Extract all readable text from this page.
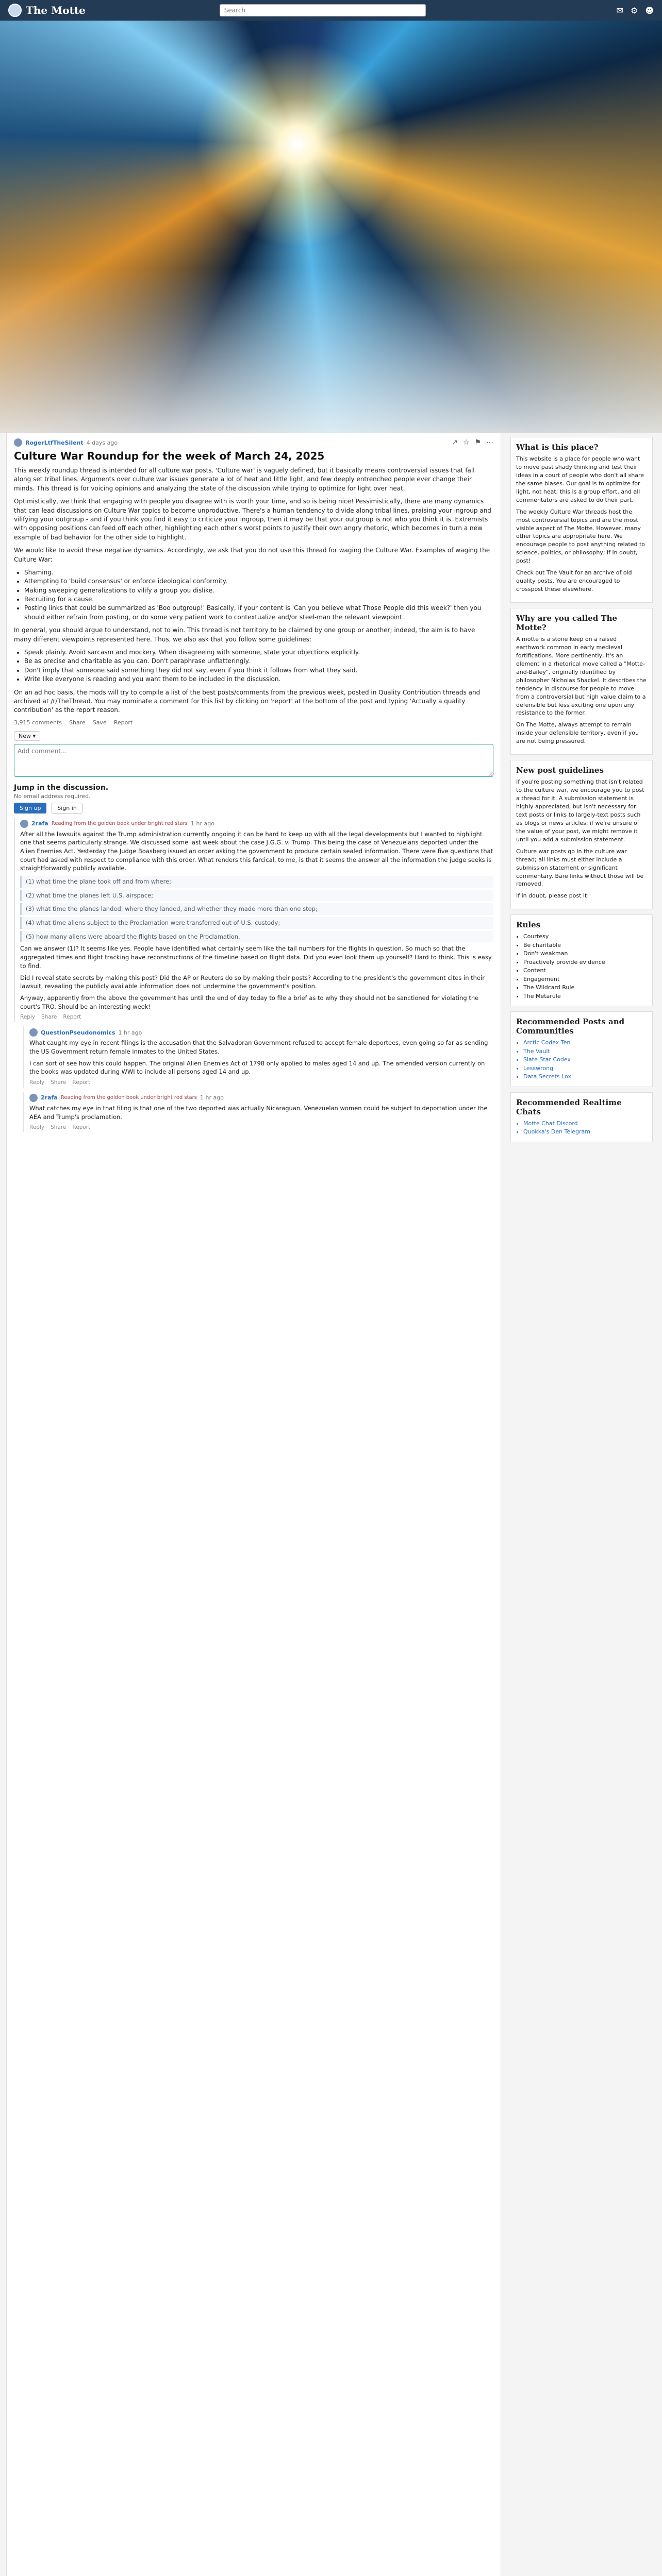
The Motte
Search	✉ ⚙ ☻
↗ ☆ ⚑ ⋯
RogerLtfTheSilent 4 days ago
Culture War Roundup for the week of March 24, 2025

This weekly roundup thread is intended for all culture war posts. 'Culture war' is vaguely defined, but it basically means controversial issues that fall along set tribal lines. Arguments over culture war issues generate a lot of heat and little light, and few deeply entrenched people ever change their minds. This thread is for voicing opinions and analyzing the state of the discussion while trying to optimize for light over heat.

Optimistically, we think that engaging with people you disagree with is worth your time, and so is being nice! Pessimistically, there are many dynamics that can lead discussions on Culture War topics to become unproductive. There's a human tendency to divide along tribal lines, praising your ingroup and vilifying your outgroup - and if you think you find it easy to criticize your ingroup, then it may be that your outgroup is not who you think it is. Extremists with opposing positions can feed off each other, highlighting each other's worst points to justify their own angry rhetoric, which becomes in turn a new example of bad behavior for the other side to highlight.

We would like to avoid these negative dynamics. Accordingly, we ask that you do not use this thread for waging the Culture War. Examples of waging the Culture War:

• Shaming.
• Attempting to 'build consensus' or enforce ideological conformity.
• Making sweeping generalizations to vilify a group you dislike.
• Recruiting for a cause.
• Posting links that could be summarized as 'Boo outgroup!' Basically, if your content is 'Can you believe what Those People did this week?' then you should either refrain from posting, or do some very patient work to contextualize and/or steel-man the relevant viewpoint.

In general, you should argue to understand, not to win. This thread is not territory to be claimed by one group or another; indeed, the aim is to have many different viewpoints represented here. Thus, we also ask that you follow some guidelines:

• Speak plainly. Avoid sarcasm and mockery. When disagreeing with someone, state your objections explicitly.
• Be as precise and charitable as you can. Don't paraphrase unflatteringly.
• Don't imply that someone said something they did not say, even if you think it follows from what they said.
• Write like everyone is reading and you want them to be included in the discussion.

On an ad hoc basis, the mods will try to compile a list of the best posts/comments from the previous week, posted in Quality Contribution threads and archived at /r/TheThread. You may nominate a comment for this list by clicking on 'report' at the bottom of the post and typing 'Actually a quality contribution' as the report reason.

3,915 comments Share Save Report
New ▾ Add comment...
Jump in the discussion.
No email address required.
Sign up	Sign in
2rafa Reading from the golden book under bright red stars 1 hr ago

After all the lawsuits against the Trump administration currently ongoing it can be hard to keep up with all the legal developments but I wanted to highlight one that seems particularly strange. We discussed some last week about the case J.G.G. v. Trump. This being the case of Venezuelans deported under the Alien Enemies Act. Yesterday the Judge Boasberg issued an order asking the government to produce certain sealed information. There were five questions that court had asked with respect to compliance with this order. What renders this farcical, to me, is that it seems the answer all the information the judge seeks is straightforwardly publicly available.

(1) what time the plane took off and from where;
(2) what time the planes left U.S. airspace;
(3) what time the planes landed, where they landed, and whether they made more than one stop;
(4) what time aliens subject to the Proclamation were transferred out of U.S. custody;
(5) how many aliens were aboard the flights based on the Proclamation.

Can we answer (1)? It seems like yes. People have identified what certainly seem like the tail numbers for the flights in question. So much so that the aggregated times and flight tracking have reconstructions of the timeline based on flight data. Did you even look them up yourself? Hard to think. This is easy to find.

Did I reveal state secrets by making this post? Did the AP or Reuters do so by making their posts? According to the president's the government cites in their lawsuit, revealing the publicly available information does not undermine the government's position.

Anyway, apparently from the above the government has until the end of day today to file a brief as to why they should not be sanctioned for violating the court's TRO. Should be an interesting week!

Reply Share Report
QuestionPseudonomics 1 hr ago

What caught my eye in recent filings is the accusation that the Salvadoran Government refused to accept female deportees, even going so far as sending the US Government return female inmates to the United States.

I can sort of see how this could happen. The original Alien Enemies Act of 1798 only applied to males aged 14 and up. The amended version currently on the books was updated during WWI to include all persons aged 14 and up.

Reply Share Report
2rafa Reading from the golden book under bright red stars 1 hr ago

What catches my eye in that filing is that one of the two deported was actually Nicaraguan. Venezuelan women could be subject to deportation under the AEA and Trump's proclamation.

Reply Share Report
What is this place?

This website is a place for people who want to move past shady thinking and test their ideas in a court of people who don't all share the same biases. Our goal is to optimize for light, not heat; this is a group effort, and all commentators are asked to do their part.

The weekly Culture War threads host the most controversial topics and are the most visible aspect of The Motte. However, many other topics are appropriate here. We encourage people to post anything related to science, politics, or philosophy; if in doubt, post!

Check out The Vault for an archive of old quality posts. You are encouraged to crosspost these elsewhere.

Why are you called The Motte?

A motte is a stone keep on a raised earthwork common in early medieval fortifications. More pertinently, it's an element in a rhetorical move called a "Motte-and-Bailey", originally identified by philosopher Nicholas Shackel. It describes the tendency in discourse for people to move from a controversial but high value claim to a defensible but less exciting one upon any resistance to the former.

On The Motte, always attempt to remain inside your defensible territory, even if you are not being pressured.

New post guidelines

If you're posting something that isn't related to the culture war, we encourage you to post a thread for it. A submission statement is highly appreciated, but isn't necessary for text posts or links to largely-text posts such as blogs or news articles; if we're unsure of the value of your post, we might remove it until you add a submission statement.

Culture war posts go in the culture war thread; all links must either include a submission statement or significant commentary. Bare links without those will be removed.

If in doubt, please post it!

Rules
• Courtesy
• Be charitable
• Don't weakman
• Proactively provide evidence
• Content
• Engagement
• The Wildcard Rule
• The Metarule
Recommended Posts and Communities
• Arctic Codex Ten
• The Vault
• Slate Star Codex
• Lesswrong
• Data Secrets Lox
Recommended Realtime Chats
• Motte Chat Discord
• Quokka's Den Telegram
